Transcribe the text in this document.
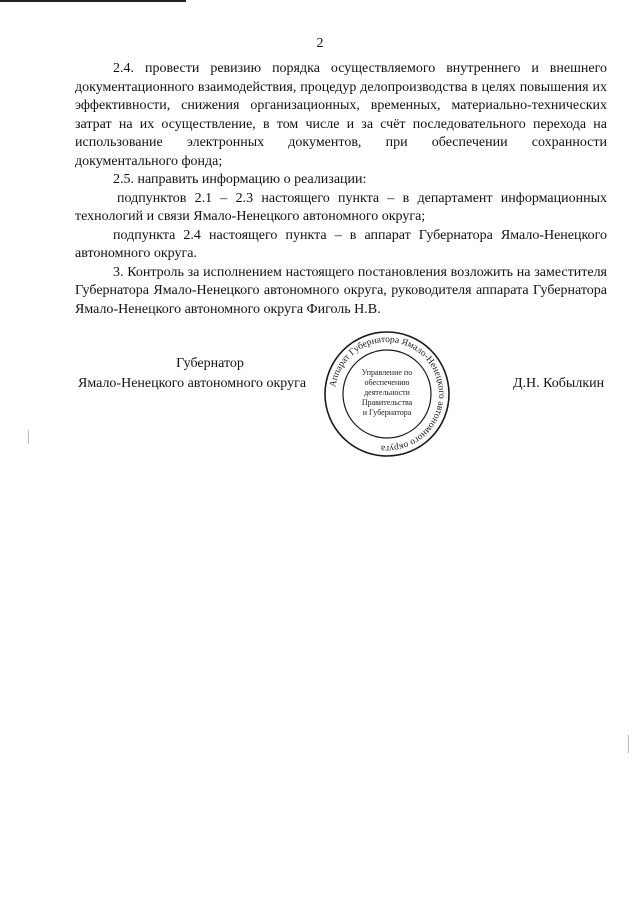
2

2.4. провести ревизию порядка осуществляемого внутреннего и внешнего документационного взаимодействия, процедур делопроизводства в целях повышения их эффективности, снижения организационных, временных, материально-технических затрат на их осуществление, в том числе и за счёт последовательного перехода на использование электронных документов, при обеспечении сохранности документального фонда;

2.5. направить информацию о реализации:

подпунктов 2.1 – 2.3 настоящего пункта – в департамент информационных технологий и связи Ямало-Ненецкого автономного округа;

подпункта 2.4 настоящего пункта – в аппарат Губернатора Ямало-Ненецкого автономного округа.

3. Контроль за исполнением настоящего постановления возложить на заместителя Губернатора Ямало-Ненецкого автономного округа, руководителя аппарата Губернатора Ямало-Ненецкого автономного округа Фиголь Н.В.

Губернатор
Ямало-Ненецкого автономного округа	Д.Н. Кобылкин
Аппарат Губернатора Ямало-Ненецкого автономного округа
Управление по
обеспечению
деятельности
Правительства
и Губернатора
